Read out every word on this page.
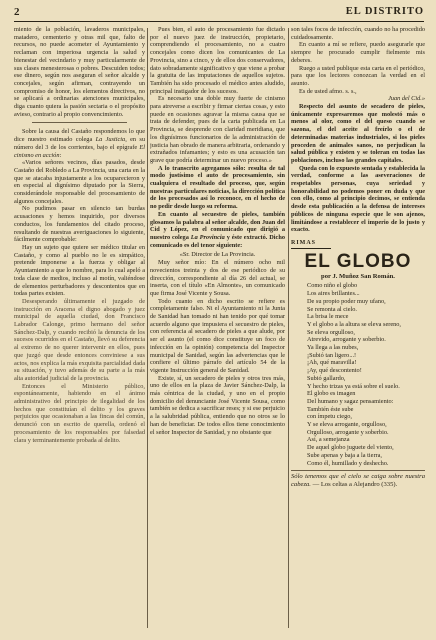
2	EL DISTRITO

miento de la población, lavaderos municipales, matadero, cementerio y otras mil que, falto de recursos, no puede acometer el Ayuntamiento y reclaman con imperiosa urgencia la salud y bienestar del vecindario y muy particularmente de sus clases menesterosas o pobres. Descuiden todos; ese dinero, según nos aseguran el señor alcalde y concejales, según afirman, contrayendo un compromiso de honor, los elementos directivos, no se aplicará a ordinarias atenciones municipales, diga cuanto quiera la pasión sectaria o el propósito avieso, contrario al propio convencimiento.

Sobre la causa del Castaño respondemos lo que dice nuestro estimado colega La Justicia, en su número del 3 de los corrientes, bajo el epígrafe El cinismo en acción:

«Varios señores vecinos, días pasados, desde Castaño del Robledo a La Provincia, una carta en la que se atacaba injustamente a los ocuparecieron y en especial al dignísimo diputado por la Sierra, considerándole responsable del procesamiento de algunos concejales.

No pudimos pasar en silencio tan burdas acusaciones y hemos inquirido, por diversos conductos, los fundamentos del citado proceso, resultando de nuestras averiguaciones lo siguiente, fácilmente comprobable:

Hay un sujeto que quiere ser médico titular en Castaño, y como al pueblo no le es simpático, pretende imponerse a la fuerza y obligar al Ayuntamiento a que lo nombre, para lo cual apeló a toda clase de medios, incluso al motín, valiéndose de elementos perturbadores y descontentos que en todas partes existen.

Desesperando últimamente el juzgado de instrucción en Aracena el digno abogado y juez municipal de aquella ciudad, don Francisco Labrador Calonge, primo hermano del señor Sánchez-Dalp, y cuando recibió la denuncia de los sucesos ocurridos en el Castaño, llevó su deferencia al extremo de no querer intervenir en ellos, pues que juzgó que desde entonces conviniese a sus actos, nos explica la más exquisita parcialidad dada su situación, y tuvo además de su parte a la más alta autoridad judicial de la provincia.

Entonces el Ministerio público, espontáneamente, habiendo en el ánimo administrativo del principio de ilegalidad de los hechos que constituían el delito y los graves perjuicios que ocasionaban a las fincas del común, denunció con un escrito de querella, ordenó el procesamiento de los responsables por falsedad clara y terminantemente probada al delito.

Pues bien, el auto de procesamiento fue dictado por el nuevo juez de instrucción, propietario, comprendiendo el procesamiento, no a cuatro concejales como dicen los comunicantes de La Provincia, sino a cinco, y de ellos dos conservadores, dato sobradamente significativo y que viene a probar la gratuita de las imputaciones de aquellos sujetos. También ha sido procesado el médico antes aludido, principal instigador de los sucesos.

Es necesario una doble muy fuerte de cinismo para atreverse a escribir y firmar ciertas cosas, y esto puede en ocasiones agravar la misma causa que se trata de defender, pues de la carta publicada en La Provincia, se desprende con claridad meridiana, que los dignísimos funcionarios de la administración de justicia han obrado de manera arbitraria, ordenando y extrañados infamantes; y esto es una acusación tan grave que podría determinar un nuevo proceso.»

A lo transcrito agregamos sólo: resulta de tal modo justísimo el auto de procesamiento, sin cualquiera el resultado del proceso, que, según nuestras particulares noticias, la dirección política de los procesados así lo reconoce, en el hecho de no pedir desde luego su reforma.

En cuanto al secuestro de pieles, también glosamos la palabra al señor alcalde, don Juan del Cid y López, en el comunicado que dirigió a nuestro colega La Provincia y éste extractó. Dicho comunicado es del tenor siguiente:

«Sr. Director de La Provincia.

Muy señor mío: En el número ocho mil novecientos treinta y dos de ese periódico de su dirección, correspondiente al día 26 del actual, se inserta, con el título «En Almonte», un comunicado que firma José Vicente y Sousa.

Todo cuanto en dicho escrito se refiere es completamente falso. Ni el Ayuntamiento ni la Junta de Sanidad han tomado ni han tenido por qué tomar acuerdo alguno que impusiera el secuestro de pieles, con referencia al secadero de pieles a que alude, por ser el asunto (el como dice constituye un foco de infección en la opinión) competencia del Inspector municipal de Sanidad, según las advertencias que le confiere el último párrafo del artículo 54 de la vigente Instrucción general de Sanidad.

Existe, sí, un secadero de pieles y otros tres más, uno de ellos en la plaza de Javier Sánchez-Dalp, la más céntrica de la ciudad, y uno en el propio domicilio del denunciante José Vicente Sousa, como también se dedica a sacrificar reses; y si ese perjuicio a la salubridad pública, entiendo que no otros se lo han de beneficiar. De todos ellos tiene conocimiento el señor Inspector de Sanidad, y no obstante que

son tales focos de infección, cuando no ha procedido cuidadosamente.

En cuanto a mí se refiere, puedo asegurarle que siempre he procurado cumplir fielmente mis deberes.

Ruego a usted publique esta carta en el periódico, para que los lectores conozcan la verdad en el asunto.

Es de usted afmo. s. s.,

Juan del Cid.»

Respecto del asunto de secadero de pieles, únicamente expresaremos que molestó más o menos al olor, como el del queso cuando se sazona, el del aceite al freírlo o el de determinadas materias industriales, si los pieles proceden de animales sanos, no perjudican la salud pública y existen y se toleran en todas las poblaciones, incluso las grandes capitales.

Queda con lo expuesto sentada y establecida la verdad, conforme a las aseveraciones de respetables personas, cuya seriedad y honorabilidad no podemos poner en duda y que con ello, como al principio decimos, se entienda desde esta publicación a la defensa de intereses públicos de ninguna especie que le son ajenos, limitándose a restablecer el imperio de lo justo y exacto.

RIMAS
EL GLOBO
por J. Muñoz San Román.

Como niño el globo

Los aires brillantes...

De su propio poder muy ufano,

Se remonta al cielo.

La brisa le mece

Y el globo a la altura se eleva sereno,

Se eleva orgulloso,

Atrevido, arrogante y soberbio.

Ya llega a las nubes,

¡Subió tan ligero...!

¡Ah, qué maravilla!

¡Ay, qué descontento!

Subió gallardo,

Y hecho trizas ya está sobre el suelo.

El globo es imagen

Del humano y sagaz pensamiento:

También éste sube

con ímpetu ciego,

Y se eleva arrogante, orgulloso,

Orgulloso, arrogante y soberbio.

Así, a semejanza

De aquel globo juguete del viento,

Sube apenas y baja a la tierra,

Como él, humillado y deshecho.

Sólo tenemos que el cielo se caiga sobre nuestra cabeza. — Los celtas a Alejandro (335).
